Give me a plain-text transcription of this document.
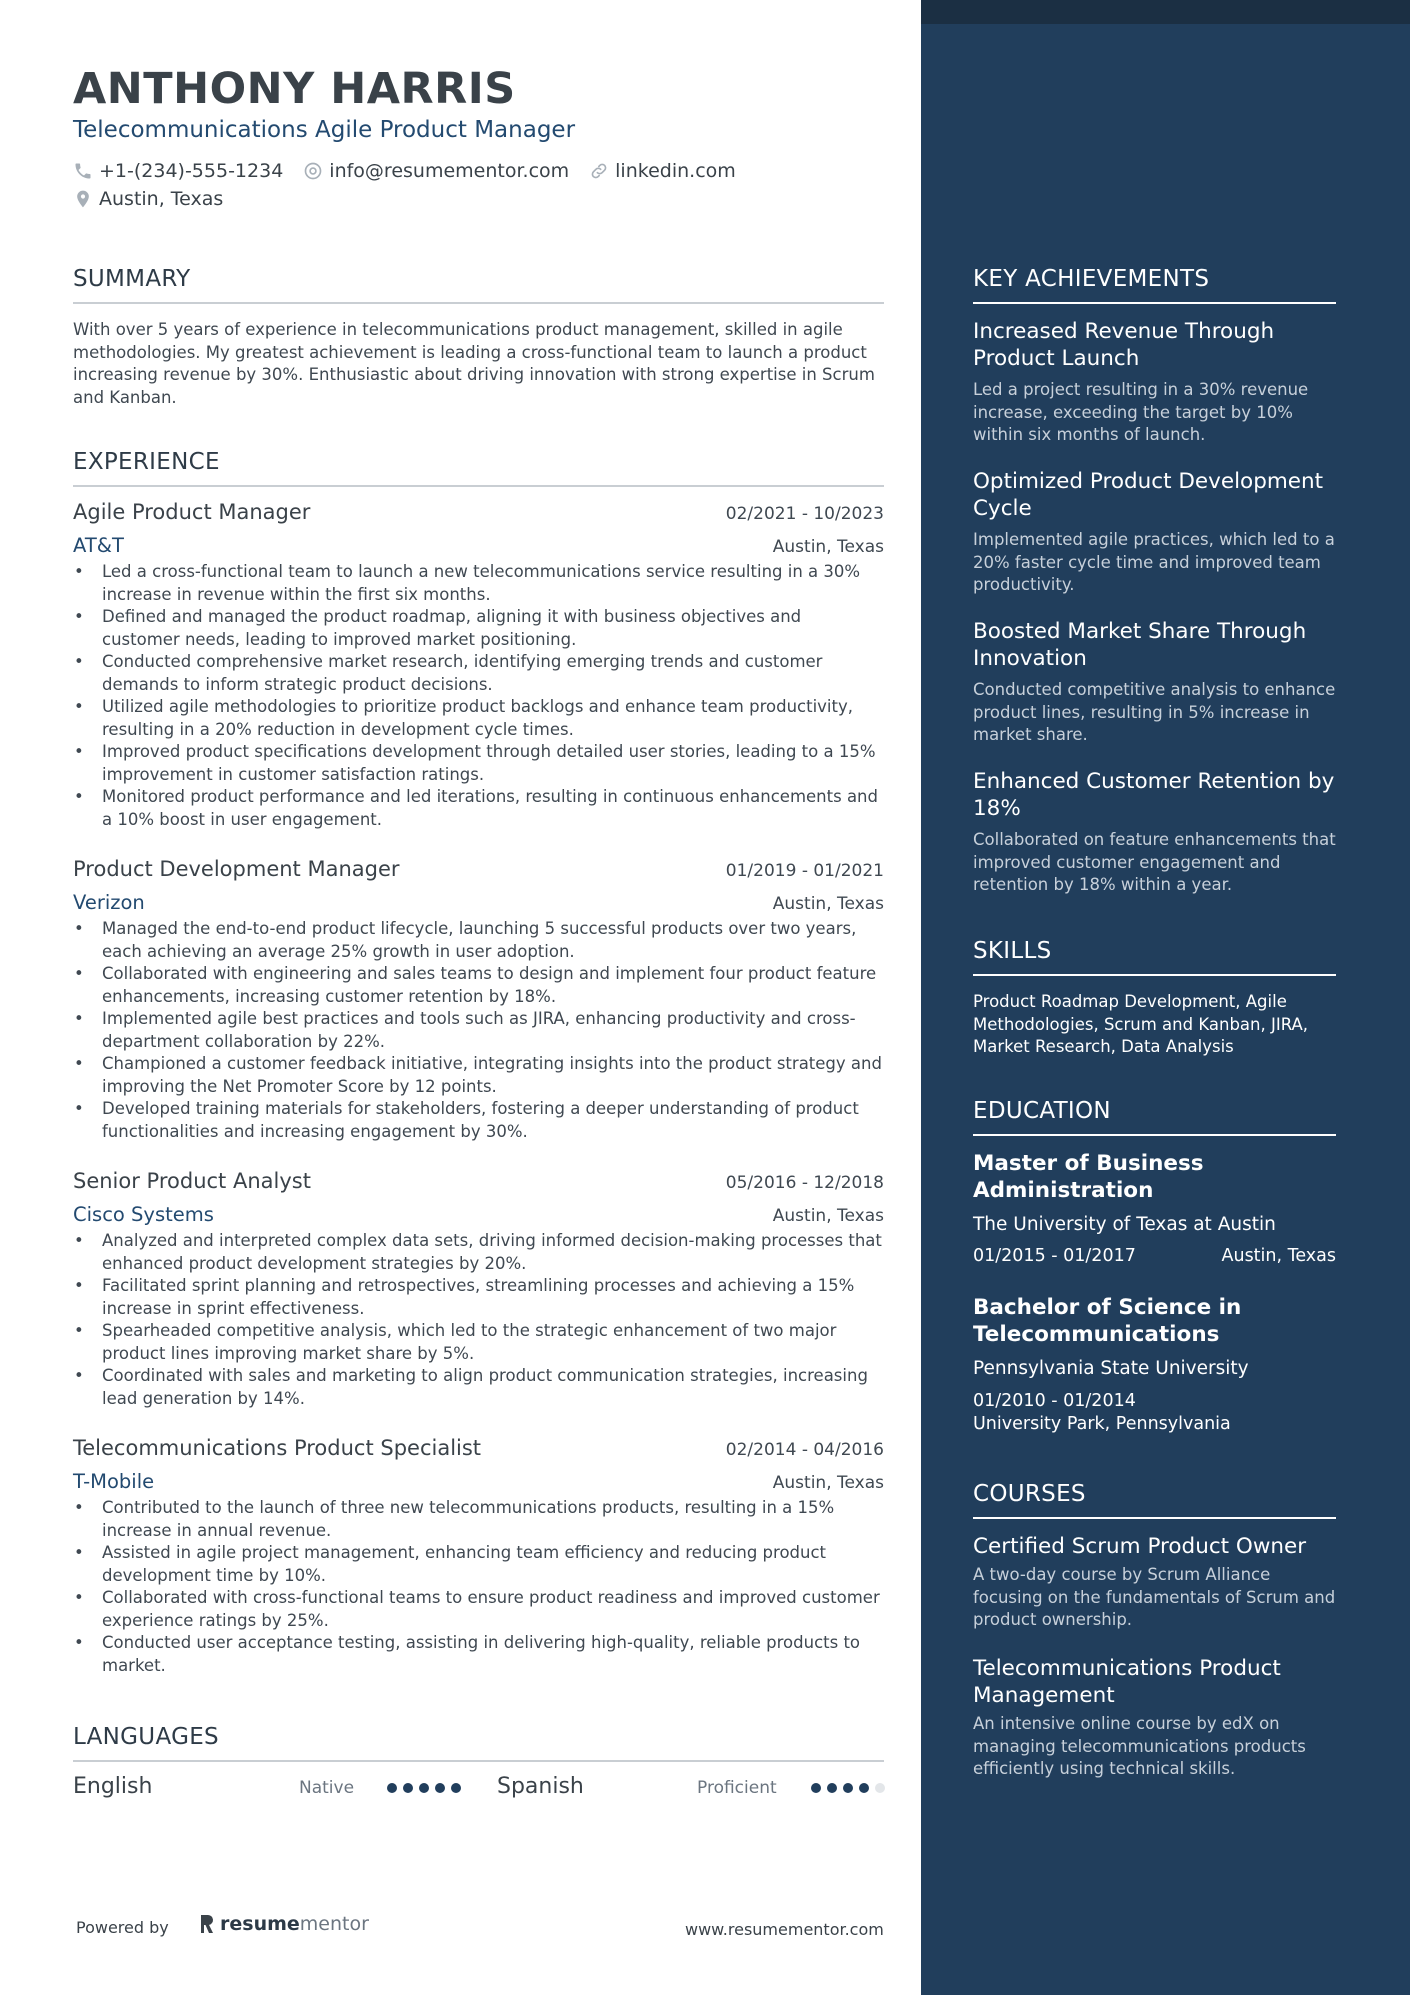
ANTHONY HARRIS
Telecommunications Agile Product Manager
+1-(234)-555-1234 info@resumementor.com linkedin.com
Austin, Texas
SUMMARY
With over 5 years of experience in telecommunications product management, skilled in agile methodologies. My greatest achievement is leading a cross-functional team to launch a product increasing revenue by 30%. Enthusiastic about driving innovation with strong expertise in Scrum and Kanban.
EXPERIENCE
Agile Product Manager	02/2021 - 10/2023
AT&T	Austin, Texas
• Led a cross-functional team to launch a new telecommunications service resulting in a 30% increase in revenue within the first six months.
• Defined and managed the product roadmap, aligning it with business objectives and customer needs, leading to improved market positioning.
• Conducted comprehensive market research, identifying emerging trends and customer demands to inform strategic product decisions.
• Utilized agile methodologies to prioritize product backlogs and enhance team productivity, resulting in a 20% reduction in development cycle times.
• Improved product specifications development through detailed user stories, leading to a 15% improvement in customer satisfaction ratings.
• Monitored product performance and led iterations, resulting in continuous enhancements and a 10% boost in user engagement.
Product Development Manager	01/2019 - 01/2021
Verizon	Austin, Texas
• Managed the end-to-end product lifecycle, launching 5 successful products over two years, each achieving an average 25% growth in user adoption.
• Collaborated with engineering and sales teams to design and implement four product feature enhancements, increasing customer retention by 18%.
• Implemented agile best practices and tools such as JIRA, enhancing productivity and cross-department collaboration by 22%.
• Championed a customer feedback initiative, integrating insights into the product strategy and improving the Net Promoter Score by 12 points.
• Developed training materials for stakeholders, fostering a deeper understanding of product functionalities and increasing engagement by 30%.
Senior Product Analyst	05/2016 - 12/2018
Cisco Systems	Austin, Texas
• Analyzed and interpreted complex data sets, driving informed decision-making processes that enhanced product development strategies by 20%.
• Facilitated sprint planning and retrospectives, streamlining processes and achieving a 15% increase in sprint effectiveness.
• Spearheaded competitive analysis, which led to the strategic enhancement of two major product lines improving market share by 5%.
• Coordinated with sales and marketing to align product communication strategies, increasing lead generation by 14%.
Telecommunications Product Specialist	02/2014 - 04/2016
T-Mobile	Austin, Texas
• Contributed to the launch of three new telecommunications products, resulting in a 15% increase in annual revenue.
• Assisted in agile project management, enhancing team efficiency and reducing product development time by 10%.
• Collaborated with cross-functional teams to ensure product readiness and improved customer experience ratings by 25%.
• Conducted user acceptance testing, assisting in delivering high-quality, reliable products to market.
LANGUAGES
English	Native	Spanish	Proficient
Powered by	resumementor	www.resumementor.com
KEY ACHIEVEMENTS
Increased Revenue Through Product Launch
Led a project resulting in a 30% revenue increase, exceeding the target by 10% within six months of launch.
Optimized Product Development Cycle
Implemented agile practices, which led to a 20% faster cycle time and improved team productivity.
Boosted Market Share Through Innovation
Conducted competitive analysis to enhance product lines, resulting in 5% increase in market share.
Enhanced Customer Retention by 18%
Collaborated on feature enhancements that improved customer engagement and retention by 18% within a year.
SKILLS
Product Roadmap Development, Agile Methodologies, Scrum and Kanban, JIRA, Market Research, Data Analysis
EDUCATION
Master of Business Administration
The University of Texas at Austin
01/2015 - 01/2017	Austin, Texas
Bachelor of Science in Telecommunications
Pennsylvania State University
01/2010 - 01/2014
University Park, Pennsylvania
COURSES
Certified Scrum Product Owner
A two-day course by Scrum Alliance focusing on the fundamentals of Scrum and product ownership.
Telecommunications Product Management
An intensive online course by edX on managing telecommunications products efficiently using technical skills.
